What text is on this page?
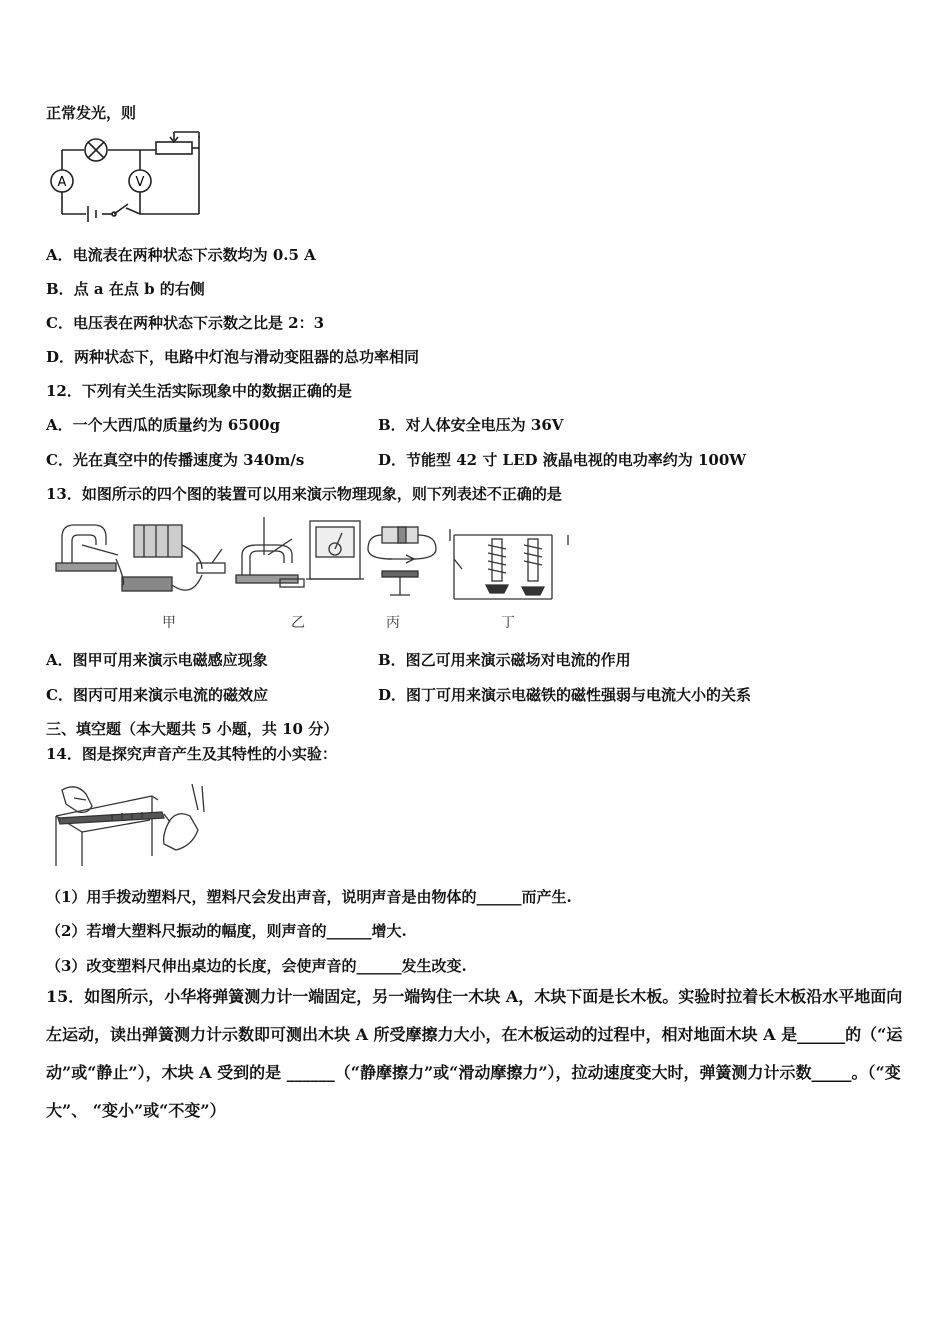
正常发光，则
A	V
A．电流表在两种状态下示数均为 0.5 A
B．点 a 在点 b 的右侧
C．电压表在两种状态下示数之比是 2：3
D．两种状态下，电路中灯泡与滑动变阻器的总功率相同
12．下列有关生活实际现象中的数据正确的是
A．一个大西瓜的质量约为 6500g	B．对人体安全电压为 36V
C．光在真空中的传播速度为 340m/s	D．节能型 42 寸 LED 液晶电视的电功率约为 100W
13．如图所示的四个图的装置可以用来演示物理现象，则下列表述不正确的是
甲	乙	丙	丁
A．图甲可用来演示电磁感应现象	B．图乙可用来演示磁场对电流的作用
C．图丙可用来演示电流的磁效应	D．图丁可用来演示电磁铁的磁性强弱与电流大小的关系
三、填空题（本大题共 5 小题，共 10 分）
14．图是探究声音产生及其特性的小实验：
（1）用手拨动塑料尺，塑料尺会发出声音，说明声音是由物体的______而产生.
（2）若增大塑料尺振动的幅度，则声音的______增大.
（3）改变塑料尺伸出桌边的长度，会使声音的______发生改变.
15．如图所示，小华将弹簧测力计一端固定，另一端钩住一木块 A，木块下面是长木板。实验时拉着长木板沿水平地面向左运动，读出弹簧测力计示数即可测出木块 A 所受摩擦力大小，在木板运动的过程中，相对地面木块 A 是______的（“运动”或“静止”），木块 A 受到的是 ______（“静摩擦力”或“滑动摩擦力”），拉动速度变大时，弹簧测力计示数_____。（“变大”、 “变小”或“不变”）
